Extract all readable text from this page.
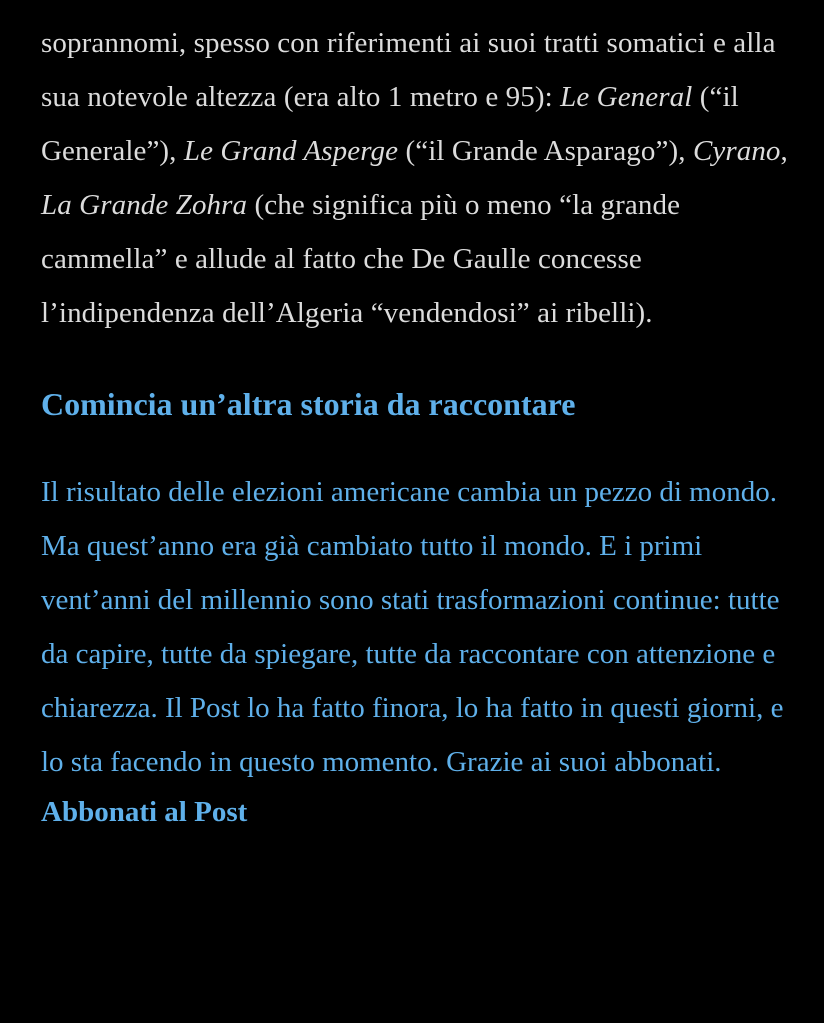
soprannomi, spesso con riferimenti ai suoi tratti somatici e alla sua notevole altezza (era alto 1 metro e 95): Le General (“il Generale”), Le Grand Asperge (“il Grande Asparago”), Cyrano, La Grande Zohra (che significa più o meno “la grande cammella” e allude al fatto che De Gaulle concesse l’indipendenza dell’Algeria “vendendosi” ai ribelli).

Comincia un’altra storia da raccontare

Il risultato delle elezioni americane cambia un pezzo di mondo. Ma quest’anno era già cambiato tutto il mondo. E i primi vent’anni del millennio sono stati trasformazioni continue: tutte da capire, tutte da spiegare, tutte da raccontare con attenzione e chiarezza. Il Post lo ha fatto finora, lo ha fatto in questi giorni, e lo sta facendo in questo momento. Grazie ai suoi abbonati.

Abbonati al Post
